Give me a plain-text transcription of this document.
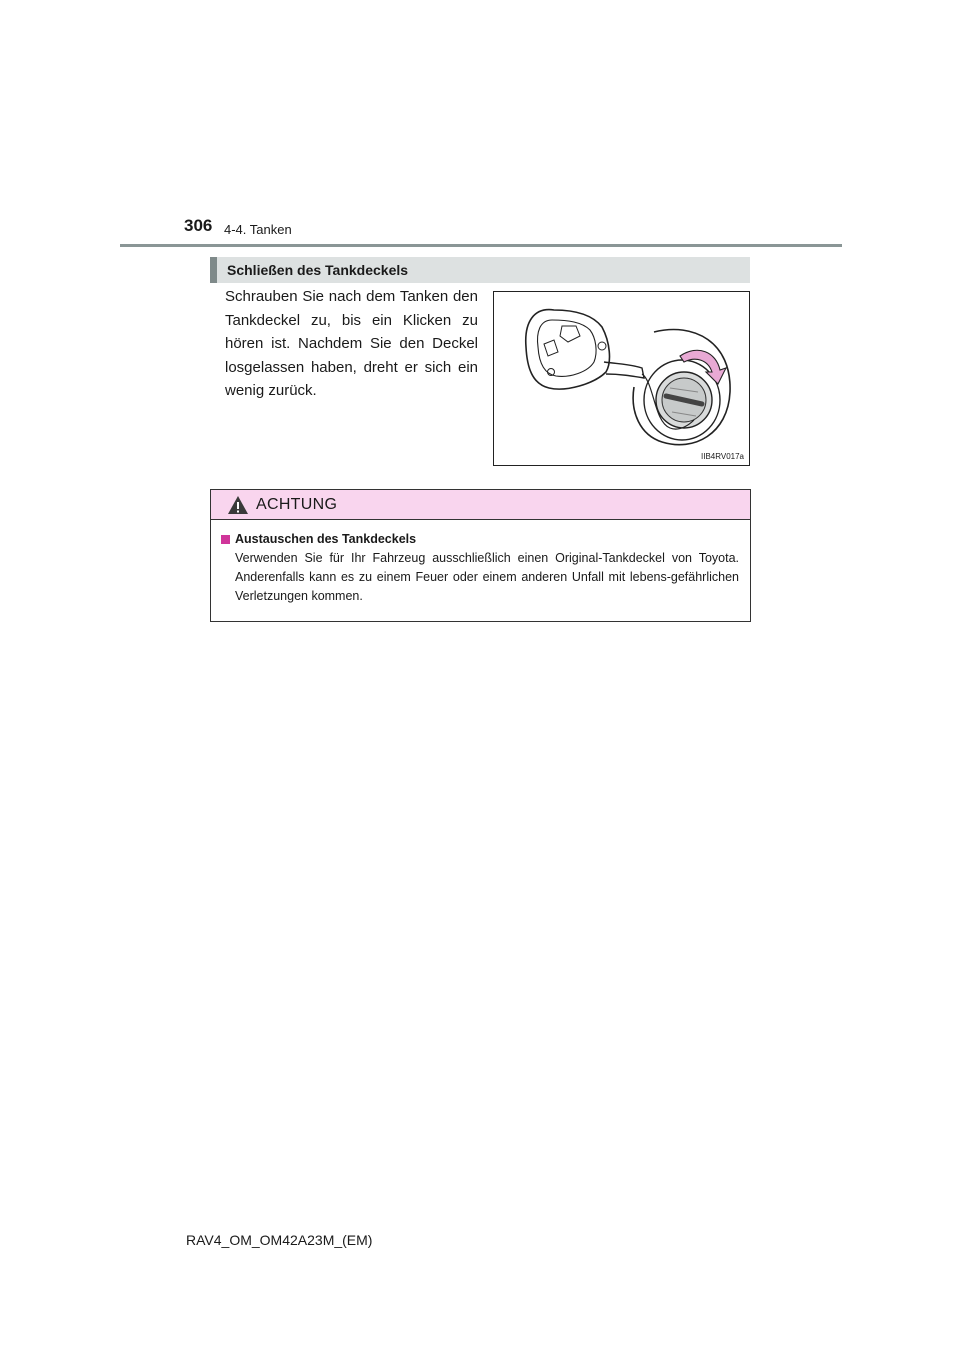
306 4-4. Tanken
Schließen des Tankdeckels
Schrauben Sie nach dem Tanken den Tankdeckel zu, bis ein Klicken zu hören ist. Nachdem Sie den Deckel losgelassen haben, dreht er sich ein wenig zurück.
IIB4RV017a
ACHTUNG
Austauschen des Tankdeckels
Verwenden Sie für Ihr Fahrzeug ausschließlich einen Original-Tankdeckel von Toyota. Anderenfalls kann es zu einem Feuer oder einem anderen Unfall mit lebens-gefährlichen Verletzungen kommen.
RAV4_OM_OM42A23M_(EM)
